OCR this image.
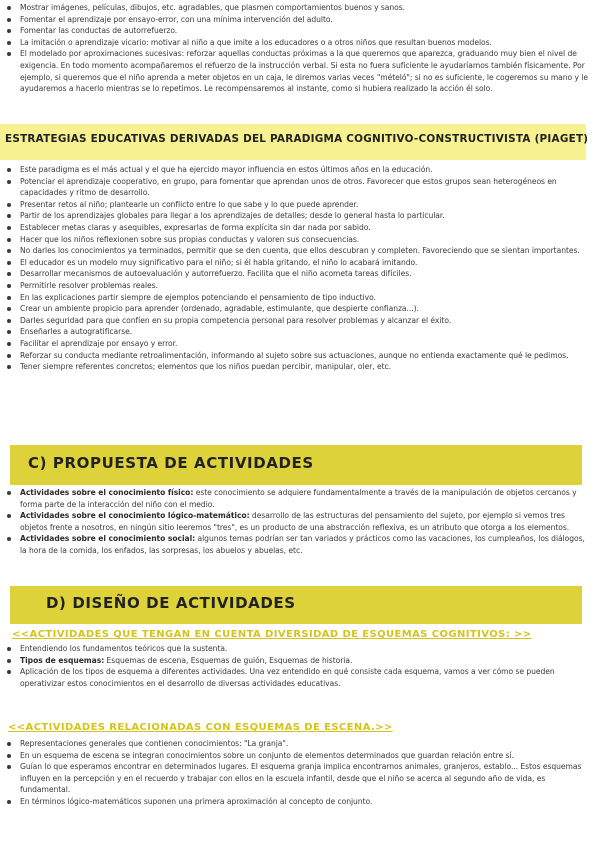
Mostrar imágenes, películas, dibujos, etc. agradables, que plasmen comportamientos buenos y sanos.
Fomentar el aprendizaje por ensayo-error, con una mínima intervención del adulto.
Fomentar las conductas de autorrefuerzo.
La imitación o aprendizaje vicario: motivar al niño a que imite a los educadores o a otros niños que resultan buenos modelos.
El modelado por aproximaciones sucesivas: reforzar aquellas conductas próximas a la que queremos que aparezca, graduando muy bien el nivel de exigencia. En todo momento acompañaremos el refuerzo de la instrucción verbal. Si esta no fuera suficiente le ayudaríamos también físicamente. Por ejemplo, si queremos que el niño aprenda a meter objetos en un caja, le diremos varias veces "mételó"; si no es suficiente, le cogeremos su mano y le ayudaremos a hacerlo mientras se lo repetimos. Le recompensaremos al instante, como si hubiera realizado la acción él solo.
ESTRATEGIAS EDUCATIVAS DERIVADAS DEL PARADIGMA COGNITIVO-CONSTRUCTIVISTA (PIAGET)
Este paradigma es el más actual y el que ha ejercido mayor influencia en estos últimos años en la educación.
Potenciar el aprendizaje cooperativo, en grupo, para fomentar que aprendan unos de otros. Favorecer que estos grupos sean heterogéneos en capacidades y ritmo de desarrollo.
Presentar retos al niño; plantearle un conflicto entre lo que sabe y lo que puede aprender.
Partir de los aprendizajes globales para llegar a los aprendizajes de detalles; desde lo general hasta lo particular.
Establecer metas claras y asequibles, expresarlas de forma explícita sin dar nada por sabido.
Hacer que los niños reflexionen sobre sus propias conductas y valoren sus consecuencias.
No darles los conocimientos ya terminados, permitir que se den cuenta, que ellos descubran y completen. Favoreciendo que se sientan importantes.
El educador es un modelo muy significativo para el niño; si él habla gritando, el niño lo acabará imitando.
Desarrollar mecanismos de autoevaluación y autorrefuerzo. Facilita que el niño acometa tareas difíciles.
Permitirle resolver problemas reales.
En las explicaciones partir siempre de ejemplos potenciando el pensamiento de tipo inductivo.
Crear un ambiente propicio para aprender (ordenado, agradable, estimulante, que despierte confianza...).
Darles seguridad para que confíen en su propia competencia personal para resolver problemas y alcanzar el éxito.
Enseñarles a autogratificarse.
Facilitar el aprendizaje por ensayo y error.
Reforzar su conducta mediante retroalimentación, informando al sujeto sobre sus actuaciones, aunque no entienda exactamente qué le pedimos.
Tener siempre referentes concretos; elementos que los niños puedan percibir, manipular, oler, etc.
C) PROPUESTA DE ACTIVIDADES
Actividades sobre el conocimiento físico: este conocimiento se adquiere fundamentalmente a través de la manipulación de objetos cercanos y forma parte de la interacción del niño con el medio.
Actividades sobre el conocimiento lógico-matemático: desarrollo de las estructuras del pensamiento del sujeto, por ejemplo si vemos tres objetos frente a nosotros, en ningún sitio leeremos "tres", es un producto de una abstracción reflexiva, es un atributo que otorga a los elementos.
Actividades sobre el conocimiento social: algunos temas podrían ser tan variados y prácticos como las vacaciones, los cumpleaños, los diálogos, la hora de la comida, los enfados, las sorpresas, los abuelos y abuelas, etc.
D) DISEÑO DE ACTIVIDADES
<<ACTIVIDADES QUE TENGAN EN CUENTA DIVERSIDAD DE ESQUEMAS COGNITIVOS: >>
Entendiendo los fundamentos teóricos que la sustenta.
Tipos de esquemas: Esquemas de escena, Esquemas de guión, Esquemas de historia.
Aplicación de los tipos de esquema a diferentes actividades. Una vez entendido en qué consiste cada esquema, vamos a ver cómo se pueden operativizar estos conocimientos en el desarrollo de diversas actividades educativas.
<<ACTIVIDADES RELACIONADAS CON ESQUEMAS DE ESCENA.>>
Representaciones generales que contienen conocimientos: "La granja".
En un esquema de escena se integran conocimientos sobre un conjunto de elementos determinados que guardan relación entre sí.
Guían lo que esperamos encontrar en determinados lugares. El esquema granja implica encontrarnos animales, granjeros, establo... Estos esquemas influyen en la percepción y en el recuerdo y trabajar con ellos en la escuela infantil, desde que el niño se acerca al segundo año de vida, es fundamental.
En términos lógico-matemáticos suponen una primera aproximación al concepto de conjunto.
